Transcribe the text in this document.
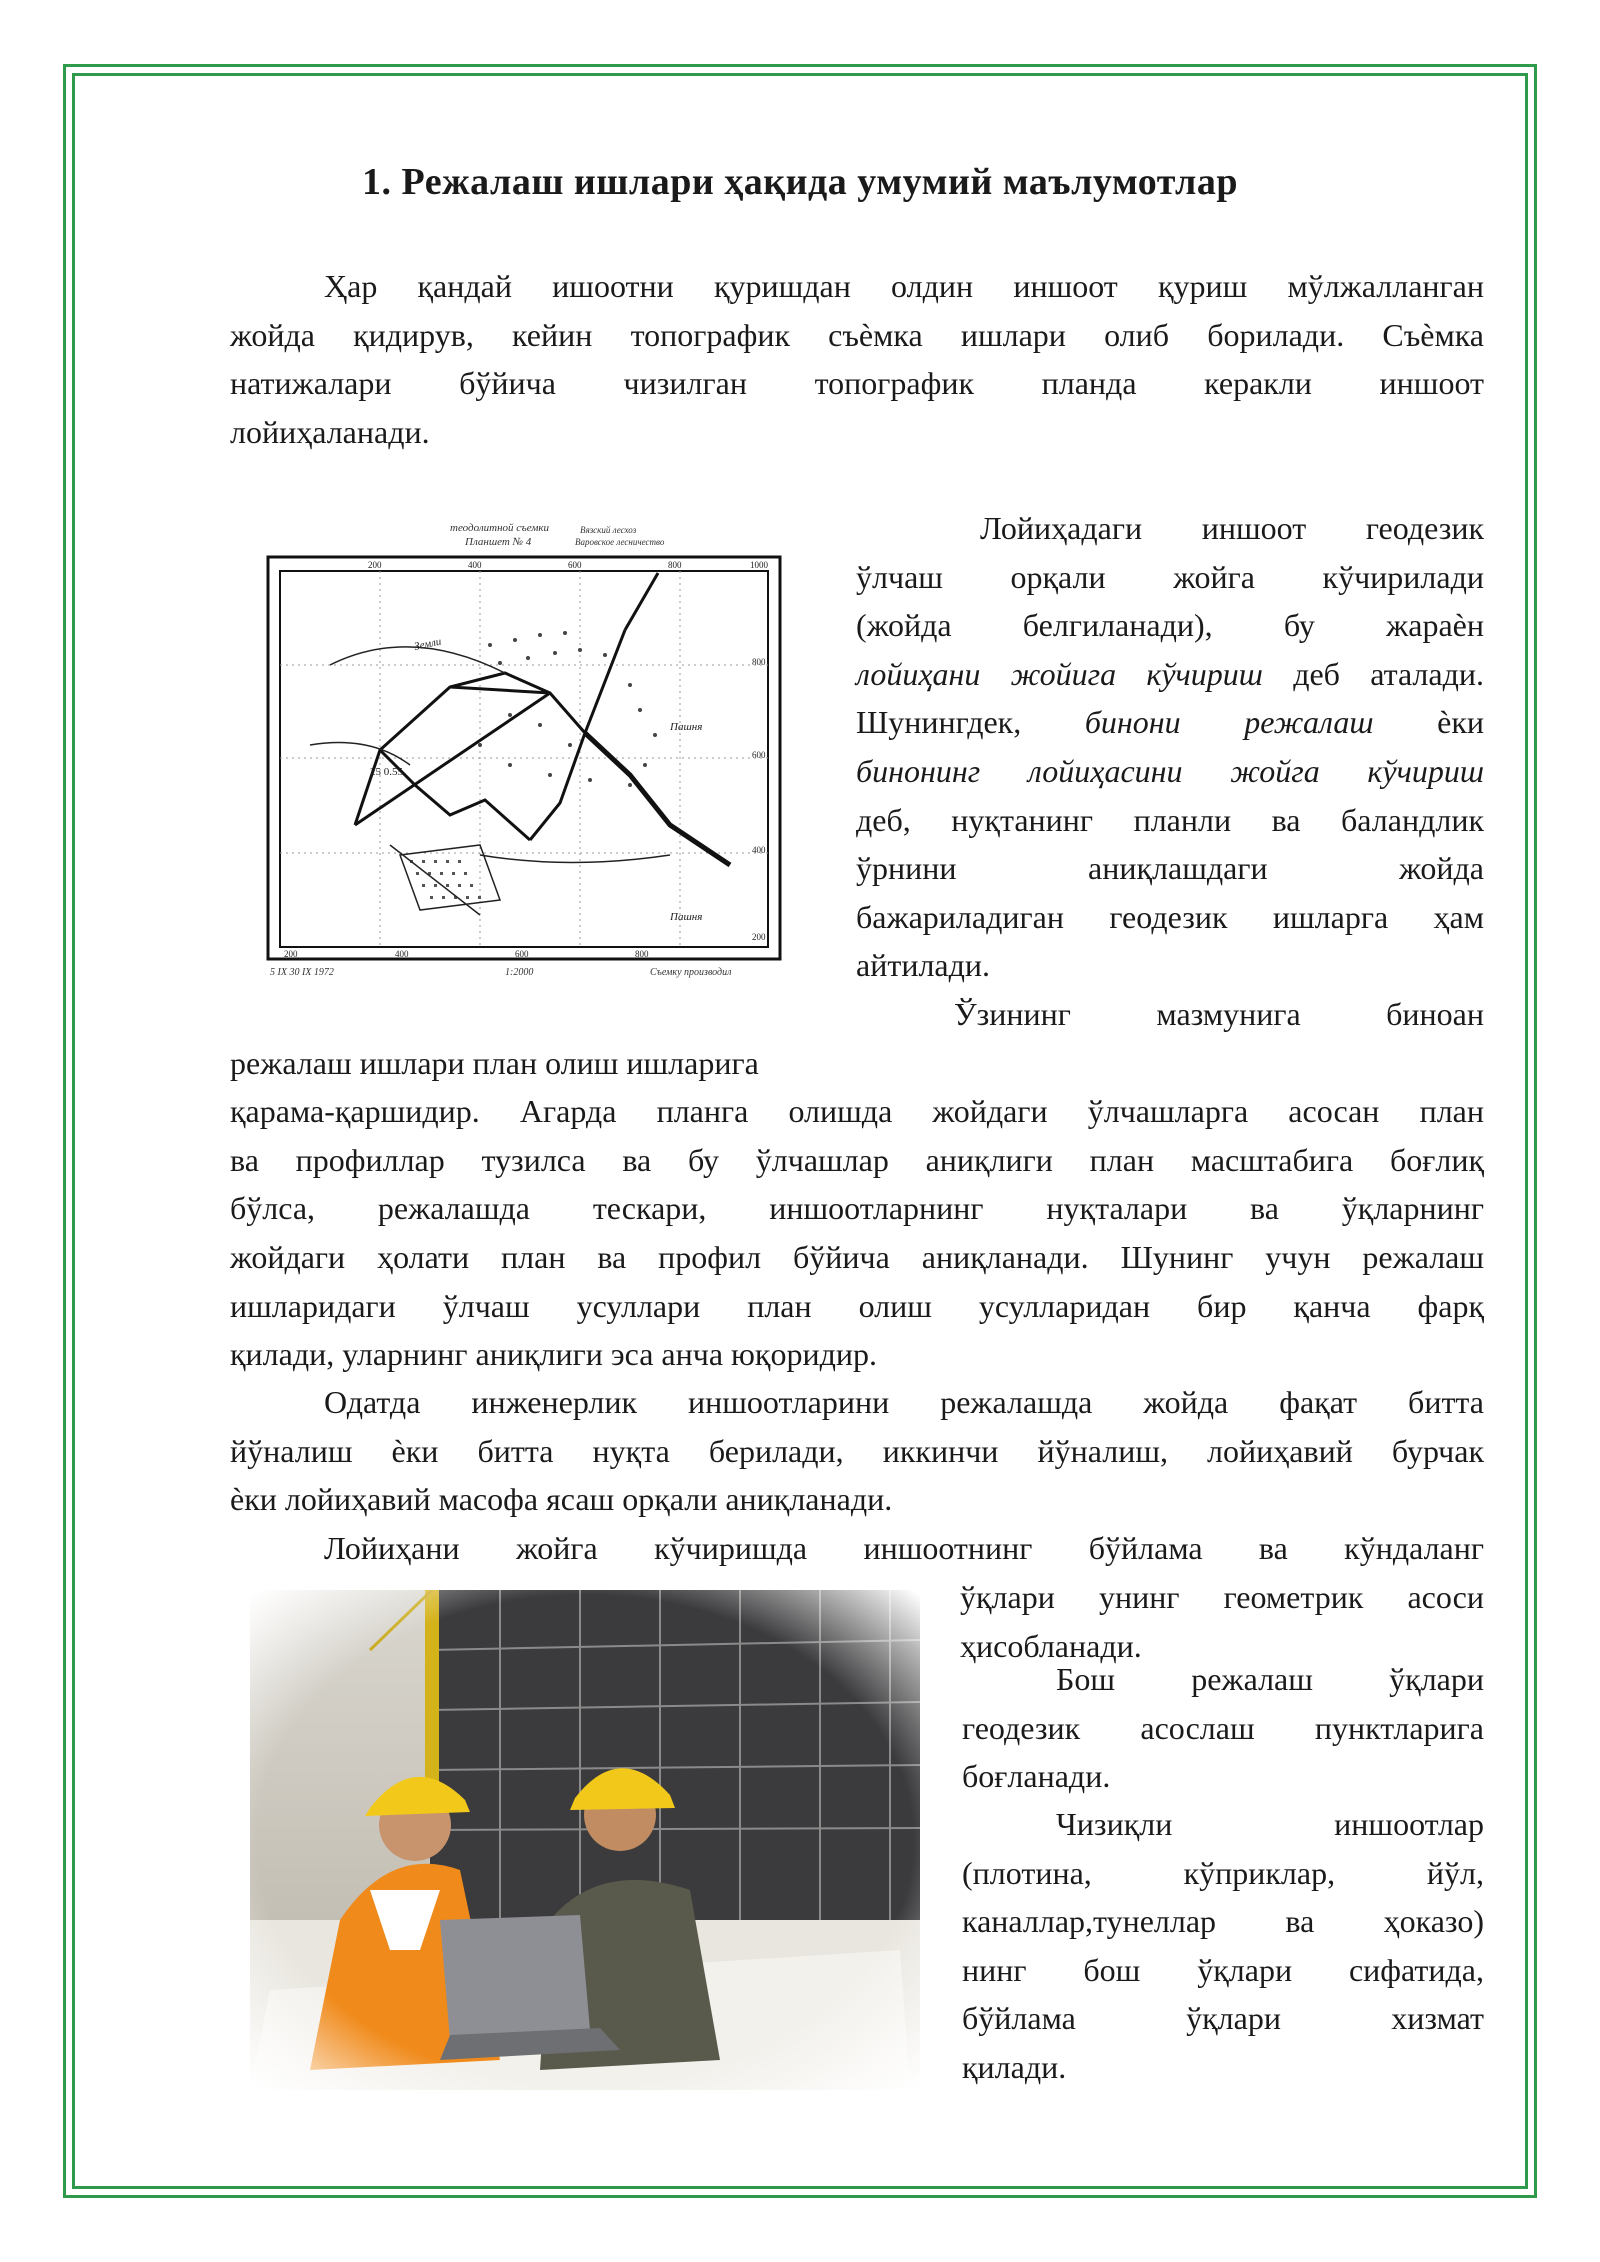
1. Режалаш ишлари ҳақида умумий маълумотлар
Ҳар қандай ишоотни қуришдан олдин иншоот қуриш мўлжалланган
жойда қидирув, кейин топографик съѐмка ишлари олиб борилади. Съѐмка
натижалари бўйича чизилган топографик планда керакли иншоот
лойиҳаланади.
теодолитной съемки
Планшет № 4
Вязский лесхоз
Варовское лесничество
200	400	600	800	1000
200	400	600	800
800
600
400
200
25 0.55
Земли
Пашня
Пашня
5 IX 30 IX 1972	1:2000	Съемку производил
Лойиҳадаги иншоот геодезик
ўлчаш орқали жойга кўчирилади
(жойда белгиланади), бу жараѐн
лойиҳани жойига кўчириш деб аталади.
Шунингдек, бинони режалаш ѐки
бинонинг лойиҳасини жойга кўчириш
деб, нуқтанинг планли ва баландлик
ўрнини аниқлашдаги жойда
бажариладиган геодезик ишларга ҳам
айтилади.
Ўзининг мазмунига биноан
режалаш ишлари план олиш ишларига
қарама-қаршидир. Агарда планга олишда жойдаги ўлчашларга асосан план
ва профиллар тузилса ва бу ўлчашлар аниқлиги план масштабига боғлиқ
бўлса, режалашда тескари, иншоотларнинг нуқталари ва ўқларнинг
жойдаги ҳолати план ва профил бўйича аниқланади. Шунинг учун режалаш
ишларидаги ўлчаш усуллари план олиш усулларидан бир қанча фарқ
қилади, уларнинг аниқлиги эса анча юқоридир.
Одатда инженерлик иншоотларини режалашда жойда фақат битта
йўналиш ѐки битта нуқта берилади, иккинчи йўналиш, лойиҳавий бурчак
ѐки лойиҳавий масофа ясаш орқали аниқланади.
Лойиҳани жойга кўчиришда иншоотнинг бўйлама ва кўндаланг
ўқлари унинг геометрик асоси
ҳисобланади.
Бош режалаш ўқлари
геодезик асослаш пунктларига
боғланади.
Чизиқли иншоотлар
(плотина, кўприклар, йўл,
каналлар,тунеллар ва ҳоказо)
нинг бош ўқлари сифатида,
бўйлама ўқлари хизмат
қилади.
